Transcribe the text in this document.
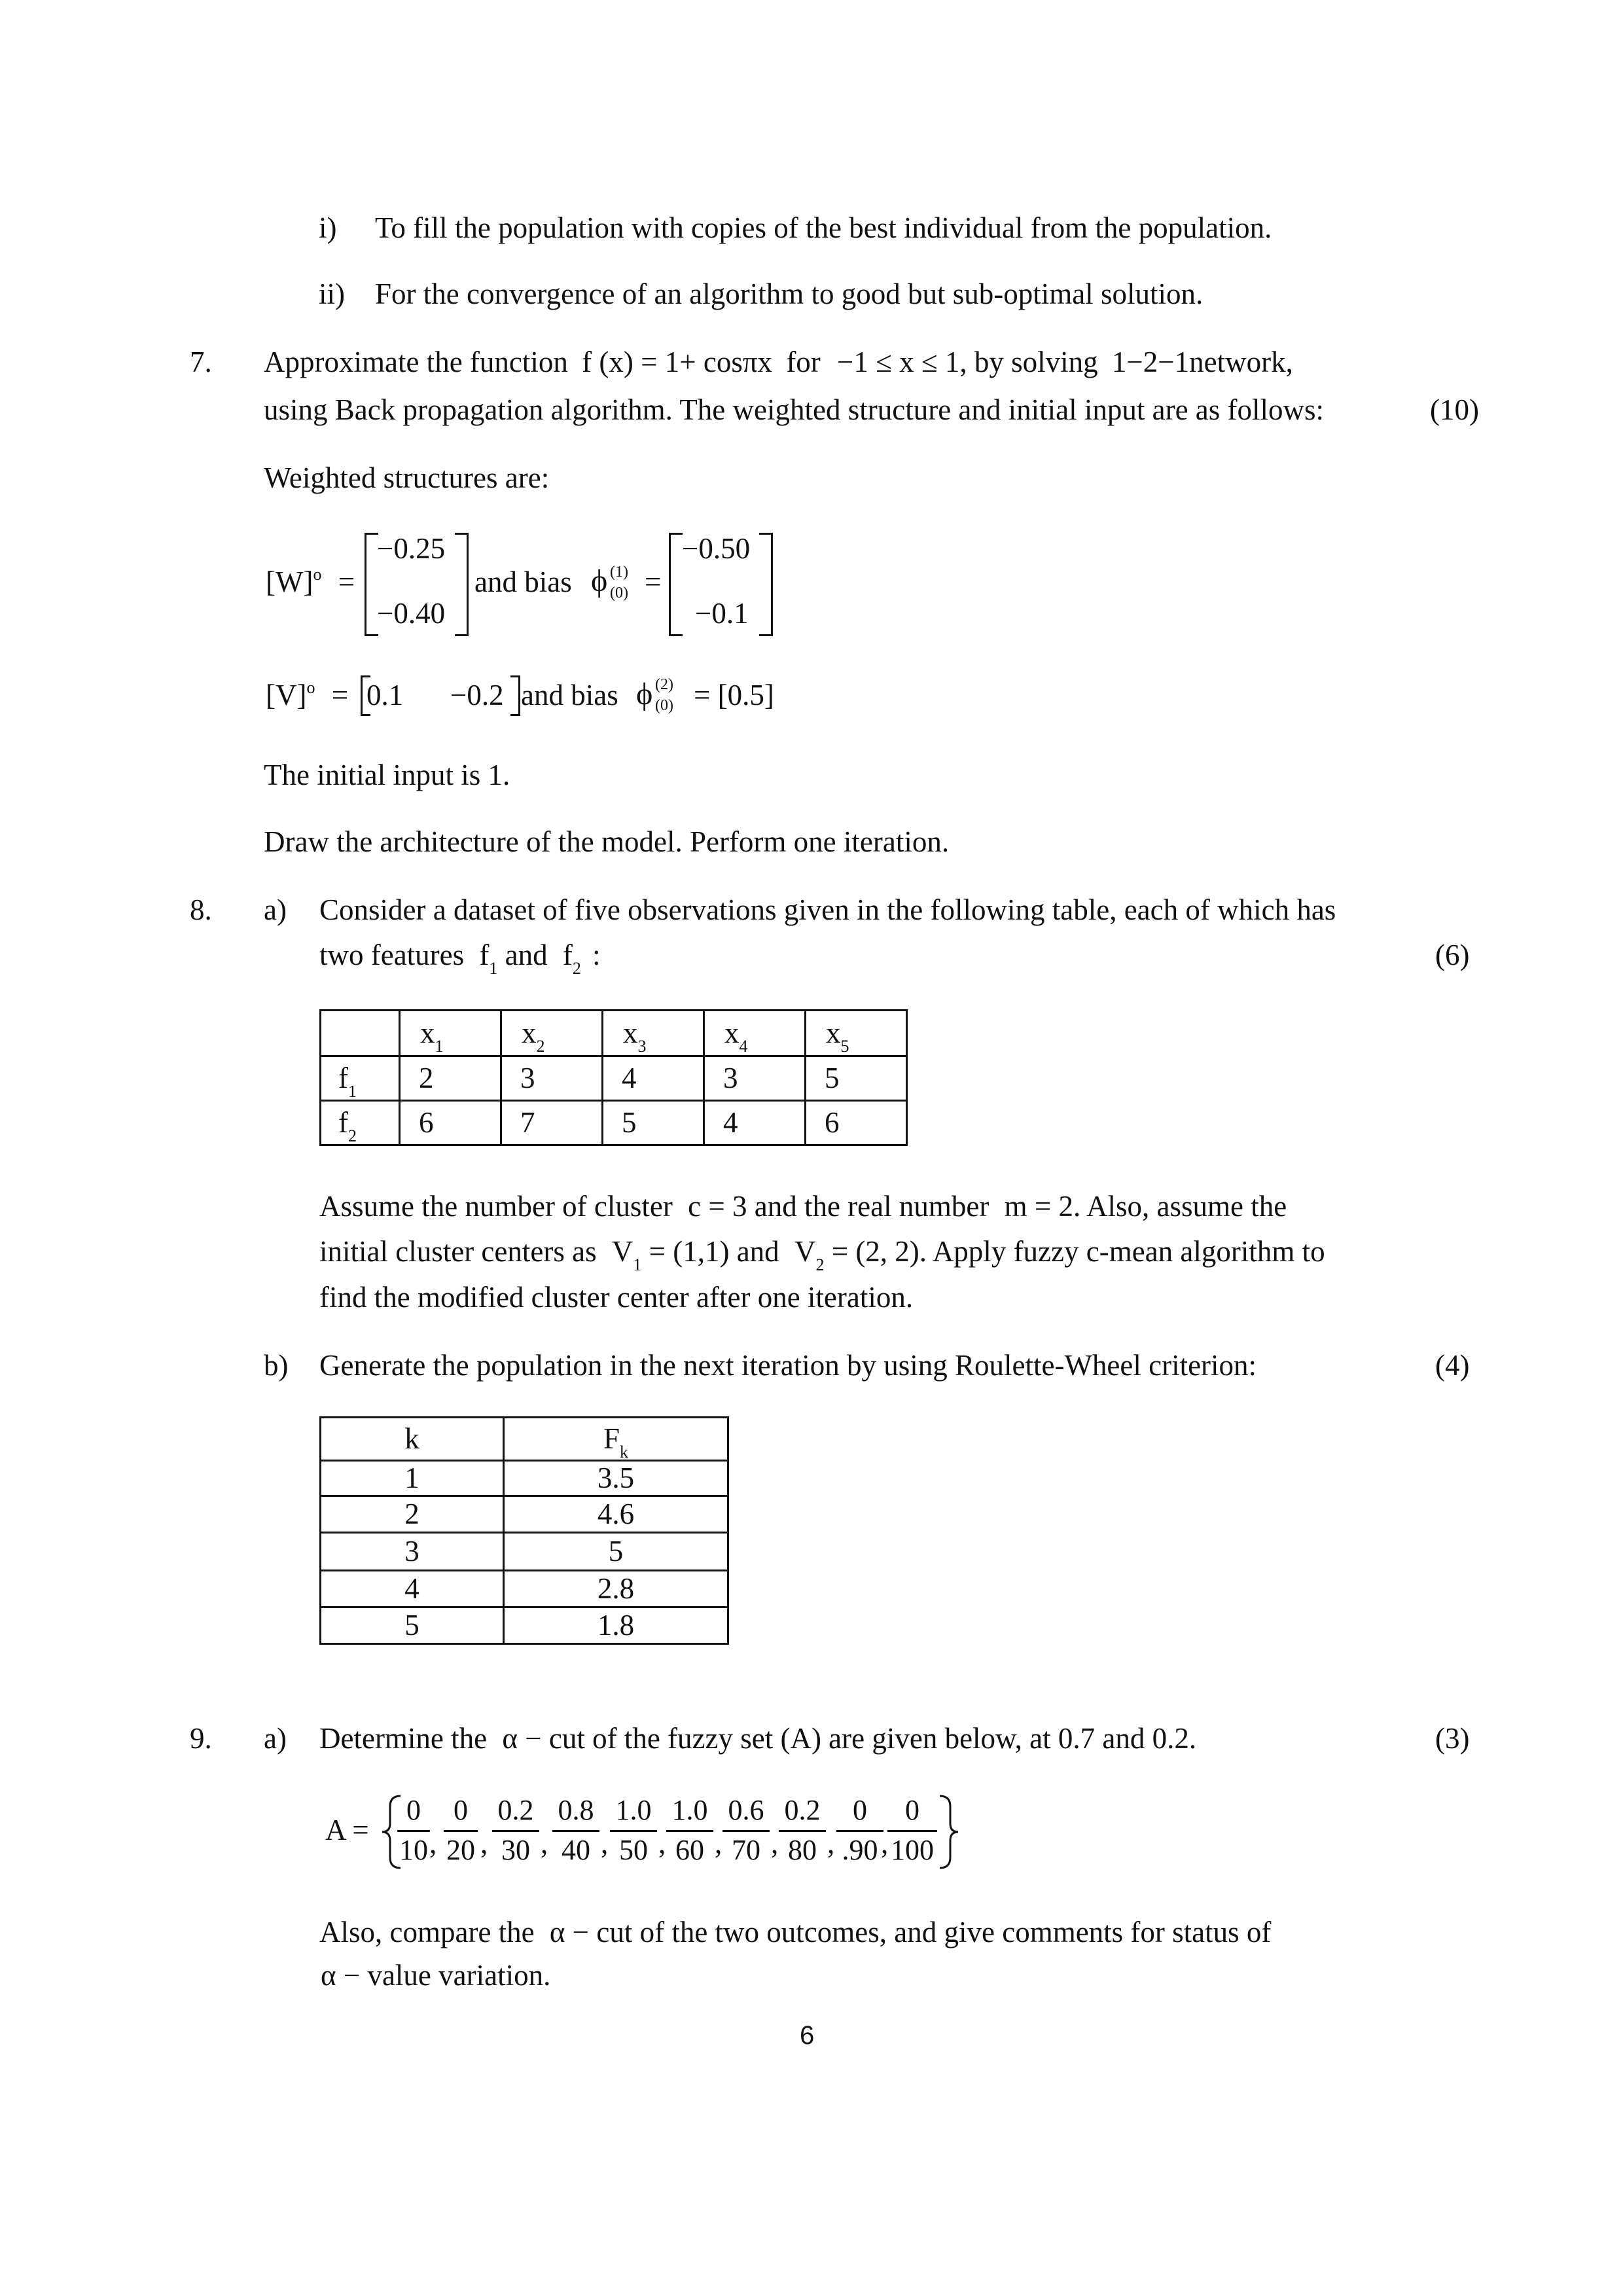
i) To fill the population with copies of the best individual from the population.
ii) For the convergence of an algorithm to good but sub-optimal solution.
7. Approximate the function f (x) = 1+ cosπx for −1 ≤ x ≤ 1, by solving 1−2−1network,
using Back propagation algorithm. The weighted structure and initial input are as follows:	(10)
Weighted structures are:
$[W]^o$ =
−0.25
−0.40
and bias ϕ (1)
(0) =
−0.50
−0.1
$[V]^o = 0.1 -0.2$ and bias ϕ (2)
(0) = [0.5]
The initial input is 1.
Draw the architecture of the model. Perform one iteration.
8. a) Consider a dataset of five observations given in the following table, each of which has
two features $f_1$ and $f_2$ :	(6)
	$x_1$	$x_2$	$x_3$	$x_4$	$x_5$
$f_1$	2	3	4	3	5
$f_2$	6	7	5	4	6
Assume the number of cluster c = 3 and the real number m = 2. Also, assume the
initial cluster centers as $V_1 = (1,1)$ and $V_2 = (2$, 2). Apply fuzzy c-mean algorithm to
find the modified cluster center after one iteration.
b) Generate the population in the next iteration by using Roulette-Wheel criterion:	(4)
k	$F_k$
1	3.5
2	4.6
3	5
4	2.8
5	1.8
9. a) Determine the α − cut of the fuzzy set (A) are given below, at 0.7 and 0.2.	(3)
A =
0
10 ,
0
20 ,
0.2
30 ,
0.8
40 ,
1.0
50 ,
1.0
60 ,
0.6
70 ,
0.2
80 ,
0
.90 ,
0
100
Also, compare the α − cut of the two outcomes, and give comments for status of
α − value variation.
6
